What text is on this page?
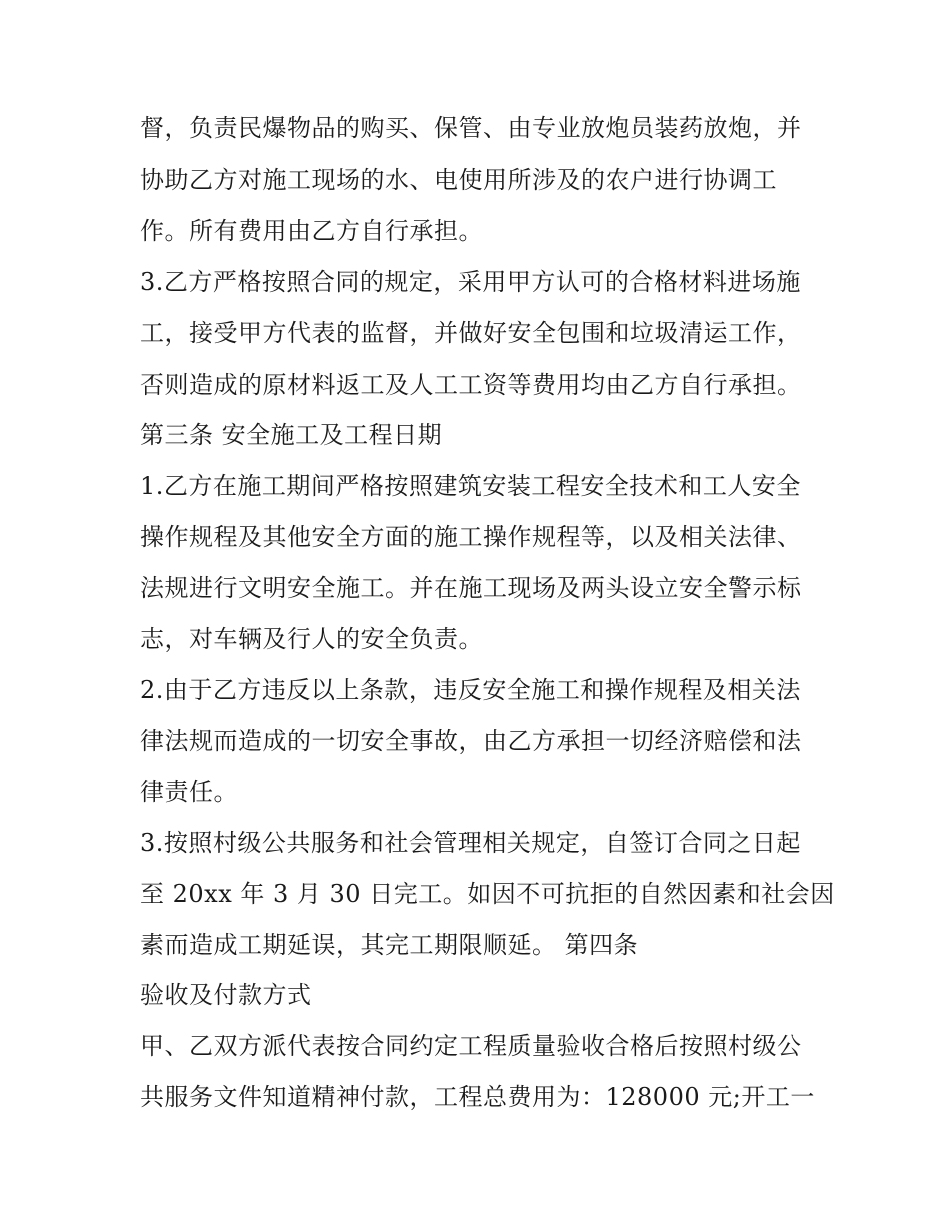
督，负责民爆物品的购买、保管、由专业放炮员装药放炮，并
协助乙方对施工现场的水、电使用所涉及的农户进行协调工
作。所有费用由乙方自行承担。
3.乙方严格按照合同的规定，采用甲方认可的合格材料进场施
工，接受甲方代表的监督，并做好安全包围和垃圾清运工作，
否则造成的原材料返工及人工工资等费用均由乙方自行承担。
第三条 安全施工及工程日期
1.乙方在施工期间严格按照建筑安装工程安全技术和工人安全
操作规程及其他安全方面的施工操作规程等，以及相关法律、
法规进行文明安全施工。并在施工现场及两头设立安全警示标
志，对车辆及行人的安全负责。
2.由于乙方违反以上条款，违反安全施工和操作规程及相关法
律法规而造成的一切安全事故，由乙方承担一切经济赔偿和法
律责任。
3.按照村级公共服务和社会管理相关规定，自签订合同之日起
至 20xx 年 3 月 30 日完工。如因不可抗拒的自然因素和社会因
素而造成工期延误，其完工期限顺延。 第四条
验收及付款方式
甲、乙双方派代表按合同约定工程质量验收合格后按照村级公
共服务文件知道精神付款，工程总费用为：128000 元;开工一
